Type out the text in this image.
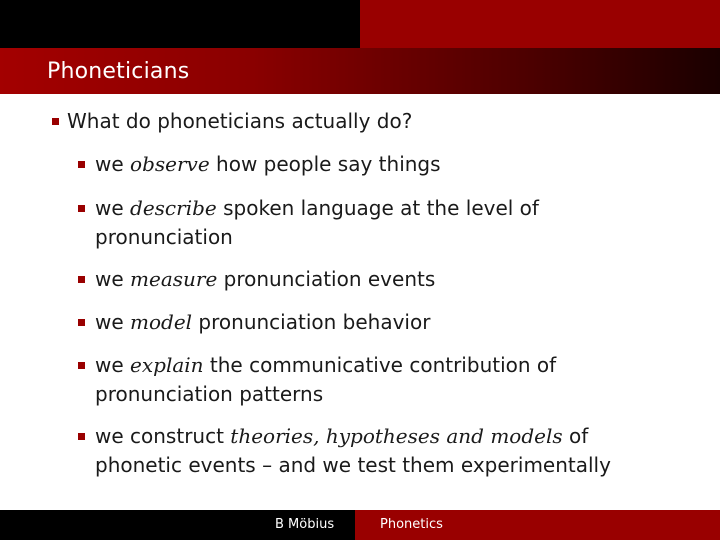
Phoneticians
What do phoneticians actually do?
we observe how people say things
we describe spoken language at the level of pronunciation
we measure pronunciation events
we model pronunciation behavior
we explain the communicative contribution of pronunciation patterns
we construct theories, hypotheses and models of phonetic events – and we test them experimentally
B Möbius	Phonetics
